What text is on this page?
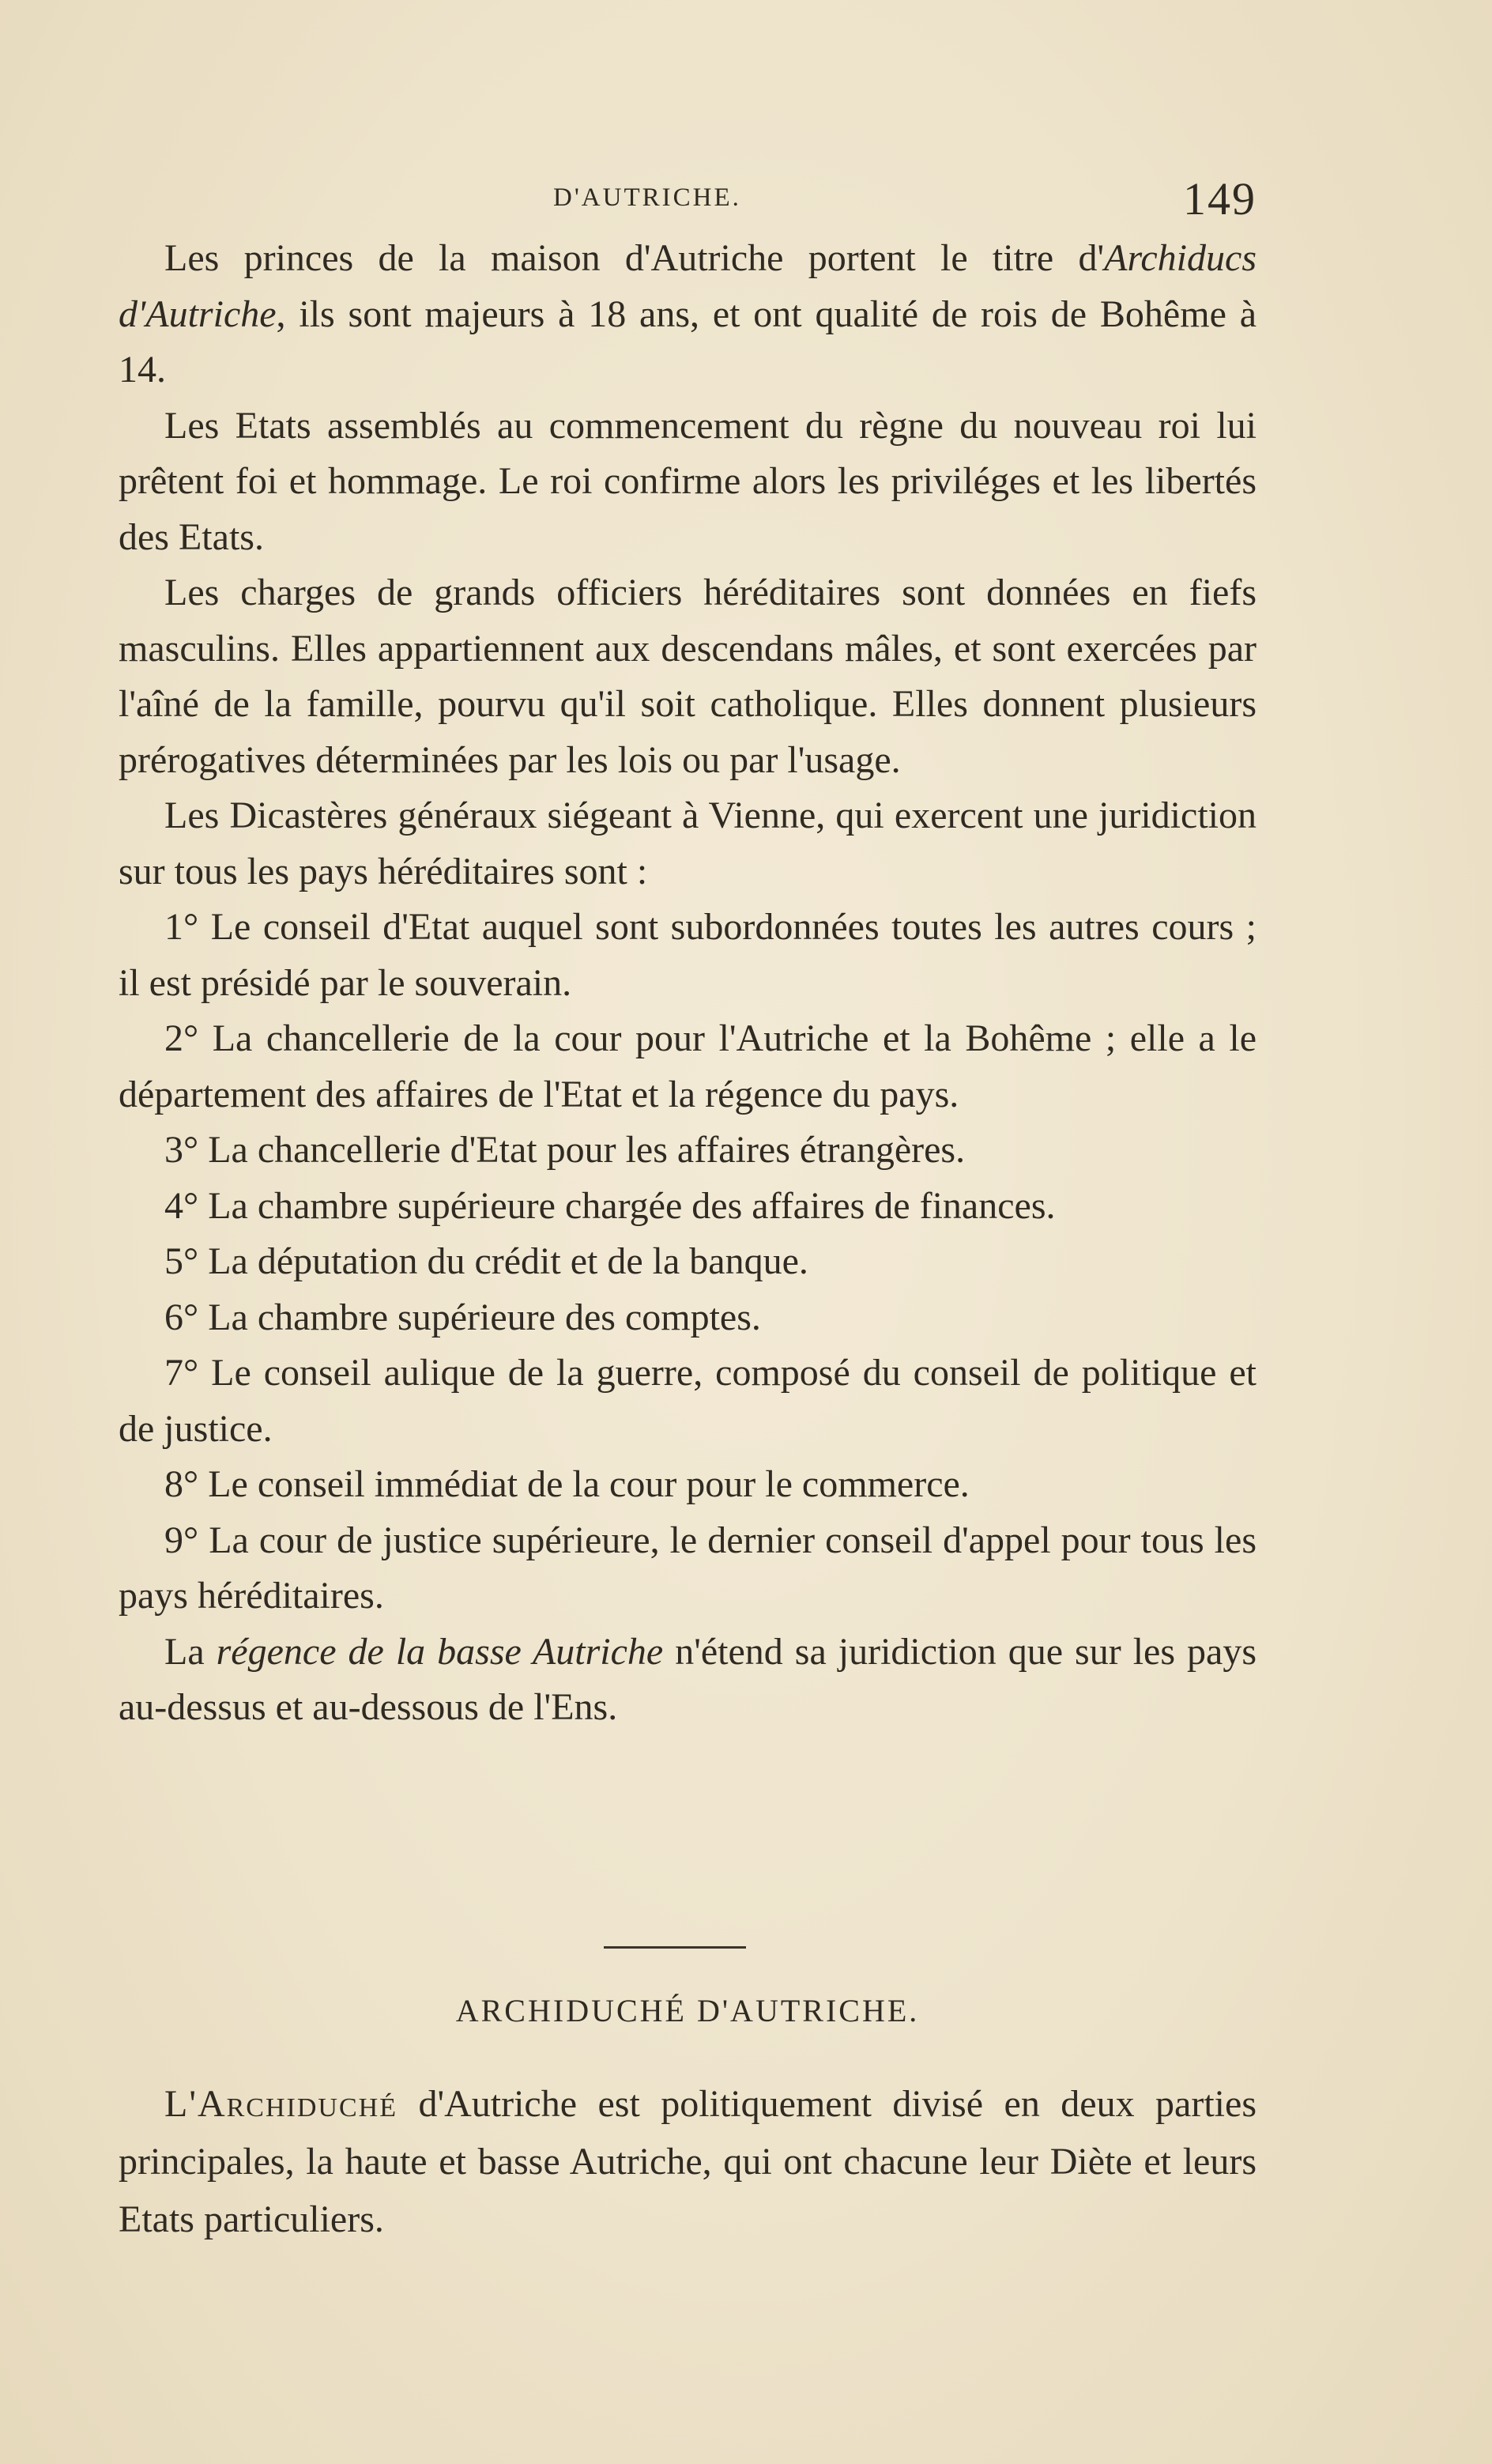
D'AUTRICHE.	149

Les princes de la maison d'Autriche portent le titre d'Archiducs d'Autriche, ils sont majeurs à 18 ans, et ont qualité de rois de Bohême à 14.

Les Etats assemblés au commencement du règne du nouveau roi lui prêtent foi et hommage. Le roi confirme alors les priviléges et les libertés des Etats.

Les charges de grands officiers héréditaires sont données en fiefs masculins. Elles appartiennent aux descendans mâles, et sont exercées par l'aîné de la famille, pourvu qu'il soit catholique. Elles donnent plusieurs prérogatives déterminées par les lois ou par l'usage.

Les Dicastères généraux siégeant à Vienne, qui exercent une juridiction sur tous les pays héréditaires sont :

1° Le conseil d'Etat auquel sont subordonnées toutes les autres cours ; il est présidé par le souverain.

2° La chancellerie de la cour pour l'Autriche et la Bohême ; elle a le département des affaires de l'Etat et la régence du pays.

3° La chancellerie d'Etat pour les affaires étrangères.

4° La chambre supérieure chargée des affaires de finances.

5° La députation du crédit et de la banque.

6° La chambre supérieure des comptes.

7° Le conseil aulique de la guerre, composé du conseil de politique et de justice.

8° Le conseil immédiat de la cour pour le commerce.

9° La cour de justice supérieure, le dernier conseil d'appel pour tous les pays héréditaires.

La régence de la basse Autriche n'étend sa juridiction que sur les pays au-dessus et au-dessous de l'Ens.

ARCHIDUCHÉ D'AUTRICHE.

L'Archiduché d'Autriche est politiquement divisé en deux parties principales, la haute et basse Autriche, qui ont chacune leur Diète et leurs Etats particuliers.
